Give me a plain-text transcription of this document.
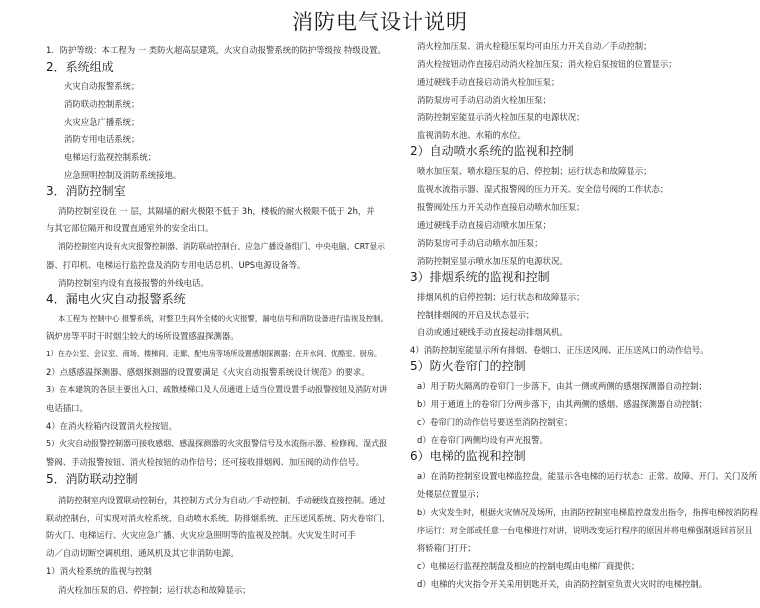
消防电气设计说明
1．防护等级：本工程为 一 类防火超高层建筑，火灾自动报警系统的防护等级按 特级设置。
2．系统组成
火灾自动报警系统；
消防联动控制系统；
火灾应急广播系统；
消防专用电话系统；
电梯运行监视控制系统；
应急照明控制及消防系统接地。
3．消防控制室
消防控制室设在 一 层，其隔墙的耐火极限不低于 3h，楼板的耐火极限不低于 2h，并
与其它部位隔开和设置直通室外的安全出口。
消防控制室内设有火灾报警控制器、消防联动控制台、应急广播设备组门、中央电脑、CRT显示
器、打印机、电梯运行监控盘及消防专用电话总机、UPS电源设备等。
消防控制室内设有直接报警的外线电话。
4．漏电火灾自动报警系统
本工程为 控制中心 报警系统，对整卫生间外全楼的火灾报警，漏电信号和消防设备进行监视及控制。
锅炉房等平时干时烟尘较大的场所设置感温探测器。
1）在办公室、会议室、商场、楼梯间、走廊、配电房等场所设置感烟探测器；在开水间、优酪室、厨房。
2）点感感温探测器、感烟探测器的设置要满足《火灾自动报警系统设计规范》的要求。
3）在本建筑的各层主要出入口、疏散楼梯口及人员通道上适当位置设置手动报警按钮及消防对讲
电话插口。
4）在消火栓箱内设置消火栓按钮。
5）火灾自动报警控制器可接收感烟、感温探测器的火灾报警信号及水流指示器、检修阀、湿式报
警阀、手动报警按钮、消火栓按钮的动作信号；还可接收排烟阀、加压阀的动作信号。
5．消防联动控制
消防控制室内设置联动控制台，其控制方式分为自动／手动控制、手动硬线直接控制。通过
联动控制台，可实现对消火栓系统、自动喷水系统、防排烟系统、正压送风系统、防火卷帘门、
防火门、电梯运行、火灾应急广播、火灾应急照明等的监视及控制。火灾发生时可手
动／自动切断空调机组、通风机及其它非消防电源。
1）消火栓系统的监视与控制
消火栓加压泵的启、停控制；运行状态和故障显示；
消火栓加压泵、消火栓稳压泵均可由压力开关自动／手动控制；
消火栓按钮动作直接启动消火栓加压泵；消火栓启泵按钮的位置显示；
通过硬线手动直接启动消火栓加压泵；
消防泵房可手动启动消火栓加压泵；
消防控制室能显示消火栓加压泵的电源状况；
监视消防水池、水箱的水位。
2）自动喷水系统的监视和控制
喷水加压泵、喷水稳压泵的启、停控制；运行状态和故障显示；
监视水流指示器、湿式报警阀的压力开关、安全信号阀的工作状态；
报警阀处压力开关动作直接启动喷水加压泵；
通过硬线手动直接启动喷水加压泵；
消防泵房可手动启动喷水加压泵；
消防控制室显示喷水加压泵的电源状况。
3）排烟系统的监视和控制
排烟风机的启停控制；运行状态和故障显示；
控制排烟阀的开启及状态显示；
自动或通过硬线手动直接起动排烟风机。
4）消防控制室能显示所有排烟、卷烟口、正压送风阀、正压送风口的动作信号。
5）防火卷帘门的控制
a）用于防火隔离的卷帘门一步落下，由其一侧或两侧的感烟探测器自动控制；
b）用于通道上的卷帘门分两步落下，由其两侧的感烟、感温探测器自动控制；
c）卷帘门的动作信号要送至消防控制室；
d）在卷帘门两侧均设有声光报警。
6）电梯的监视和控制
a）在消防控制室设置电梯监控盘，能显示各电梯的运行状态：正常、故障、开门、关门及所
处楼层位置显示；
b）火灾发生时，根据火灾情况及场所，由消防控制室电梯监控盘发出指令，指挥电梯按消防程
序运行：对全部或任意一台电梯进行对讲，说明改变运行程序的原因并将电梯强制返回首层且
将轿箱门打开；
c）电梯运行监视控制盘及相应的控制电缆由电梯厂商提供；
d）电梯的火灾指令开关采用钥匙开关，由消防控制室负责火灾时的电梯控制。
